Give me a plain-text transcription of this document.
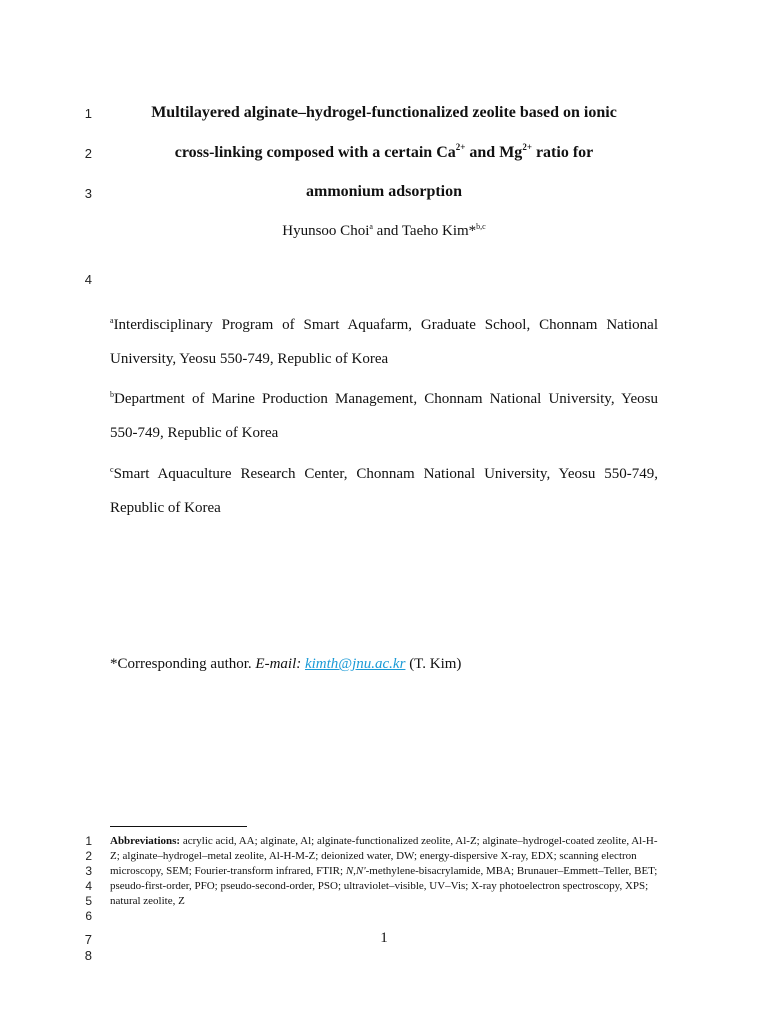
1
2
3
4
Multilayered alginate–hydrogel-functionalized zeolite based on ionic
cross-linking composed with a certain $Ca^{2+}$ and $Mg^{2+}$ ratio for
ammonium adsorption
Hyunsoo Choi$^a$ and Taeho Kim*$^{b,c}$
$^a$Interdisciplinary Program of Smart Aquafarm, Graduate School, Chonnam National University, Yeosu 550-749, Republic of Korea
$^b$Department of Marine Production Management, Chonnam National University, Yeosu 550-749, Republic of Korea
$^c$Smart Aquaculture Research Center, Chonnam National University, Yeosu 550-749, Republic of Korea
*Corresponding author. E-mail: kimth@jnu.ac.kr (T. Kim)
1
2
3
4
5
6
Abbreviations: acrylic acid, AA; alginate, Al; alginate-functionalized zeolite, Al-Z; alginate–hydrogel-coated zeolite, Al-H-Z; alginate–hydrogel–metal zeolite, Al-H-M-Z; deionized water, DW; energy-dispersive X-ray, EDX; scanning electron microscopy, SEM; Fourier-transform infrared, FTIR; N,N'-methylene-bisacrylamide, MBA; Brunauer–Emmett–Teller, BET; pseudo-first-order, PFO; pseudo-second-order, PSO; ultraviolet–visible, UV–Vis; X-ray photoelectron spectroscopy, XPS; natural zeolite, Z
7
8
1
